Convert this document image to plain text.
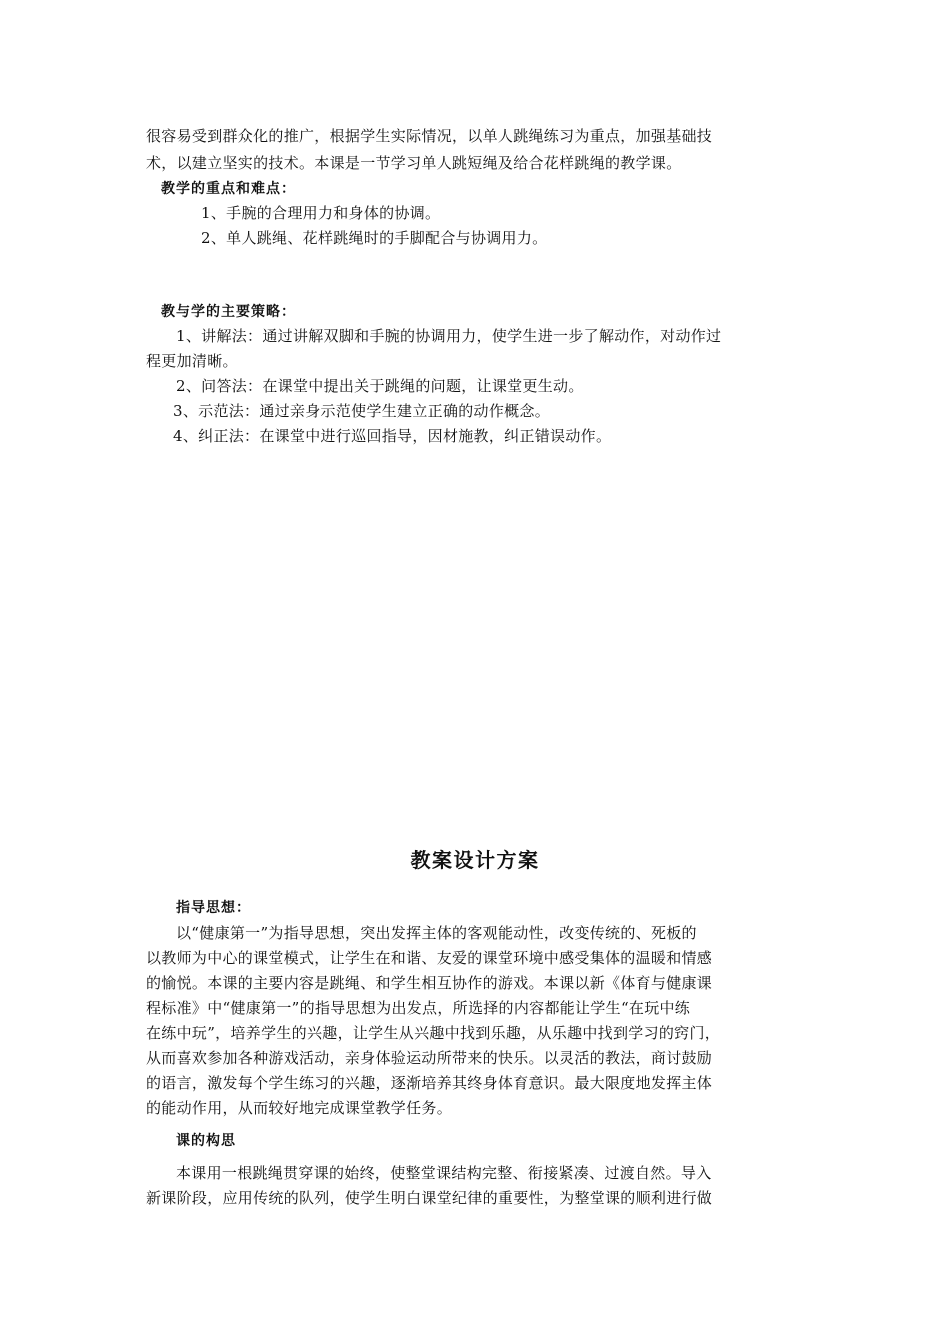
很容易受到群众化的推广，根据学生实际情况，以单人跳绳练习为重点，加强基础技
术，以建立坚实的技术。本课是一节学习单人跳短绳及给合花样跳绳的教学课。
教学的重点和难点：
1、手腕的合理用力和身体的协调。
2、单人跳绳、花样跳绳时的手脚配合与协调用力。
教与学的主要策略：
1、讲解法：通过讲解双脚和手腕的协调用力，使学生进一步了解动作，对动作过
程更加清晰。
2、问答法：在课堂中提出关于跳绳的问题，让课堂更生动。
3、示范法：通过亲身示范使学生建立正确的动作概念。
4、纠正法：在课堂中进行巡回指导，因材施教，纠正错误动作。
教案设计方案
指导思想：
以“健康第一”为指导思想，突出发挥主体的客观能动性，改变传统的、死板的
以教师为中心的课堂模式，让学生在和谐、友爱的课堂环境中感受集体的温暖和情感
的愉悦。本课的主要内容是跳绳、和学生相互协作的游戏。本课以新《体育与健康课
程标准》中“健康第一”的指导思想为出发点，所选择的内容都能让学生“在玩中练
在练中玩”，培养学生的兴趣，让学生从兴趣中找到乐趣，从乐趣中找到学习的窍门，
从而喜欢参加各种游戏活动，亲身体验运动所带来的快乐。以灵活的教法，商讨鼓励
的语言，激发每个学生练习的兴趣，逐渐培养其终身体育意识。最大限度地发挥主体
的能动作用，从而较好地完成课堂教学任务。
课的构思
本课用一根跳绳贯穿课的始终，使整堂课结构完整、衔接紧凑、过渡自然。导入
新课阶段，应用传统的队列，使学生明白课堂纪律的重要性，为整堂课的顺利进行做
